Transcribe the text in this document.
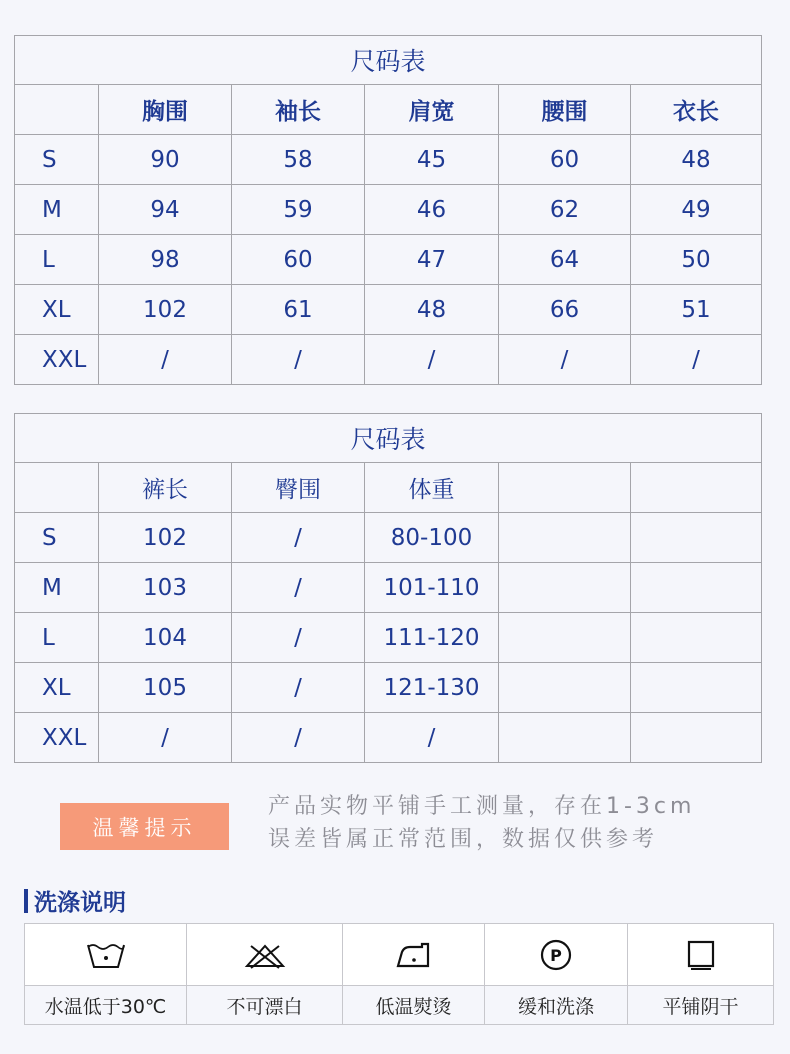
尺码表					
	胸围	袖长	肩宽	腰围	衣长
S	90	58	45	60	48
M	94	59	46	62	49
L	98	60	47	64	50
XL	102	61	48	66	51
XXL	/	/	/	/	/
尺码表					
	裤长	臀围	体重		
S	102	/	80-100		
M	103	/	101-110		
L	104	/	111-120		
XL	105	/	121-130		
XXL	/	/	/		
温馨提示
产品实物平铺手工测量，存在1-3cm
误差皆属正常范围，数据仅供参考
洗涤说明

P

水温低于30℃	不可漂白	低温熨烫	缓和洗涤	平铺阴干
